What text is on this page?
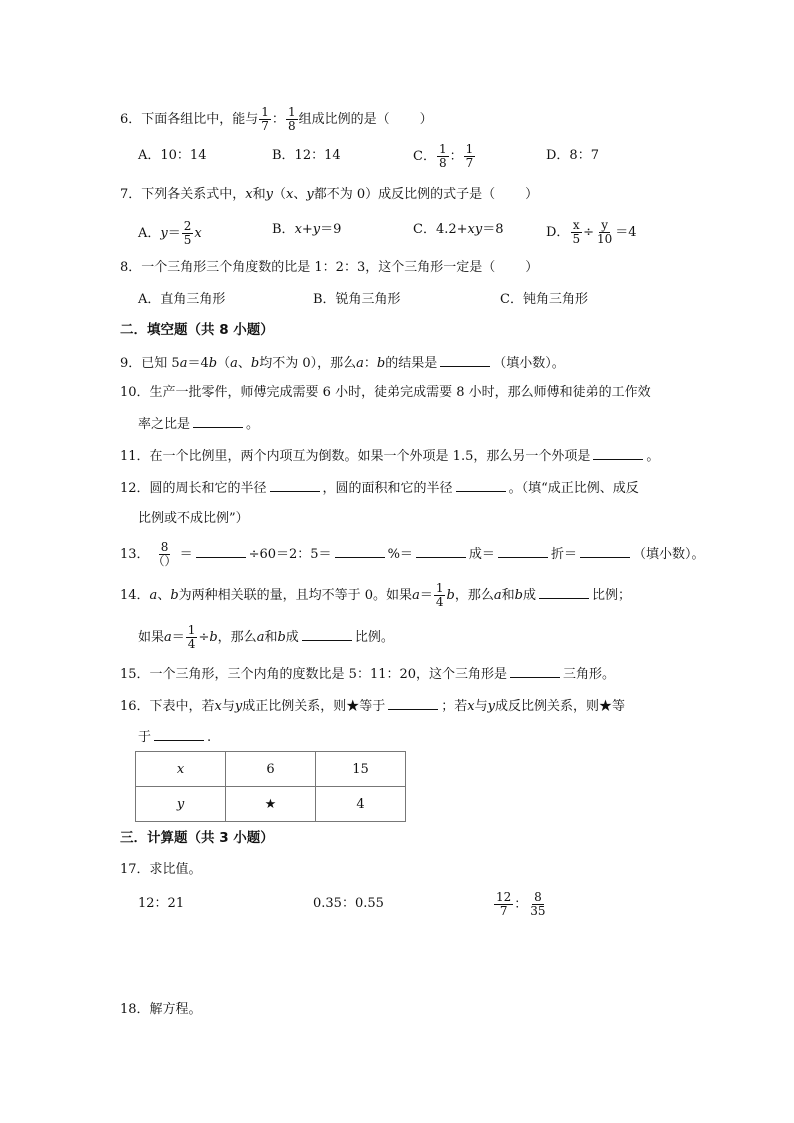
6．下面各组比中，能与 $\frac{1}{7}$ ： $\frac{1}{8}$ 组成比例的是（ ）
A．10：14	B．12：14	C． $\frac{1}{8}$ ： $\frac{1}{7}$	D．8：7
7．下列各关系式中，x和y（x、y都不为 0）成反比例的式子是（ ）
A．$y= \frac{2}{5}$ x	B．x+y＝9	C．4.2+xy＝8	D． $\frac{x}{5} \div \frac{y}{10} =4$
8．一个三角形三个角度数的比是 1：2：3，这个三角形一定是（ ）
A．直角三角形	B．锐角三角形	C．钝角三角形
二．填空题（共 8 小题）
9．已知 5a＝4b（a、b均不为 0），那么a：b的结果是	（填小数）。
10．生产一批零件，师傅完成需要 6 小时，徒弟完成需要 8 小时，那么师傅和徒弟的工作效
率之比是	。
11．在一个比例里，两个内项互为倒数。如果一个外项是 1.5，那么另一个外项是	。
12．圆的周长和它的半径	，圆的面积和它的半径	。（填“成正比例、成反
比例或不成比例”）
13． $\frac{8}{()}$ ＝	÷60＝2：5＝	%＝	成＝	折＝	（填小数）。
14．a、b为两种相关联的量，且均不等于 0。如果$a= \frac{1}{4}$ b，那么a和b成	比例；
如果$a= \frac{1}{4} \div b$，那么a和b成	比例。
15．一个三角形，三个内角的度数比是 5：11：20，这个三角形是	三角形。
16．下表中，若x与y成正比例关系，则★等于	；若x与y成反比例关系，则★等
于	.
x	6	15
y	★	4
三．计算题（共 3 小题）
17．求比值。
12：21	0.35：0.55	$\frac{12}{7}$ ： $\frac{8}{35}$
18．解方程。
